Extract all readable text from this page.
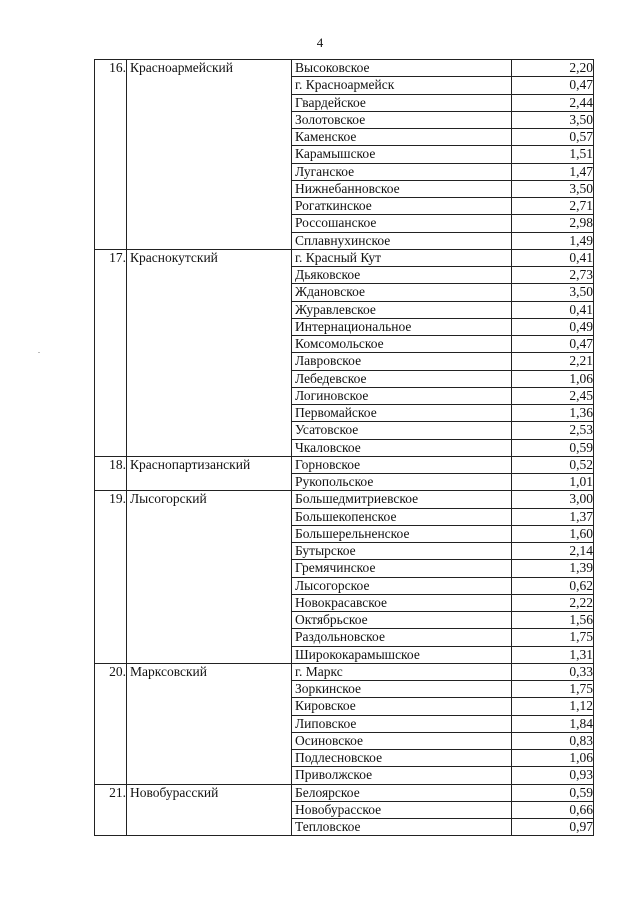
4
16.	Красноармейский	Высоковское	2,20
		г. Красноармейск	0,47
		Гвардейское	2,44
		Золотовское	3,50
		Каменское	0,57
		Карамышское	1,51
		Луганское	1,47
		Нижнебанновское	3,50
		Рогаткинское	2,71
		Россошанское	2,98
		Сплавнухинское	1,49
17.	Краснокутский	г. Красный Кут	0,41
		Дьяковское	2,73
		Ждановское	3,50
		Журавлевское	0,41
		Интернациональное	0,49
		Комсомольское	0,47
		Лавровское	2,21
		Лебедевское	1,06
		Логиновское	2,45
		Первомайское	1,36
		Усатовское	2,53
		Чкаловское	0,59
18.	Краснопартизанский	Горновское	0,52
		Рукопольское	1,01
19.	Лысогорский	Большедмитриевское	3,00
		Большекопенское	1,37
		Большерельненское	1,60
		Бутырское	2,14
		Гремячинское	1,39
		Лысогорское	0,62
		Новокрасавское	2,22
		Октябрьское	1,56
		Раздольновское	1,75
		Ширококарамышское	1,31
20.	Марксовский	г. Маркс	0,33
		Зоркинское	1,75
		Кировское	1,12
		Липовское	1,84
		Осиновское	0,83
		Подлесновское	1,06
		Приволжское	0,93
21.	Новобурасский	Белоярское	0,59
		Новобурасское	0,66
		Тепловское	0,97
